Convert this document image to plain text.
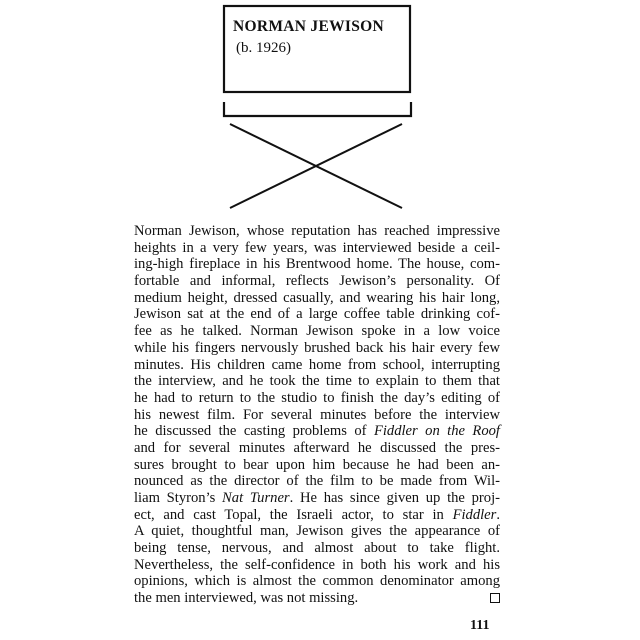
NORMAN JEWISON
(b. 1926)
Norman Jewison, whose reputation has reached impressive
heights in a very few years, was interviewed beside a ceil-
ing-high fireplace in his Brentwood home. The house, com-
fortable and informal, reflects Jewison’s personality. Of
medium height, dressed casually, and wearing his hair long,
Jewison sat at the end of a large coffee table drinking cof-
fee as he talked. Norman Jewison spoke in a low voice
while his fingers nervously brushed back his hair every few
minutes. His children came home from school, interrupting
the interview, and he took the time to explain to them that
he had to return to the studio to finish the day’s editing of
his newest film. For several minutes before the interview
he discussed the casting problems of Fiddler on the Roof
and for several minutes afterward he discussed the pres-
sures brought to bear upon him because he had been an-
nounced as the director of the film to be made from Wil-
liam Styron’s Nat Turner. He has since given up the proj-
ect, and cast Topal, the Israeli actor, to star in Fiddler.
A quiet, thoughtful man, Jewison gives the appearance of
being tense, nervous, and almost about to take flight.
Nevertheless, the self-confidence in both his work and his
opinions, which is almost the common denominator among
the men interviewed, was not missing.
111
